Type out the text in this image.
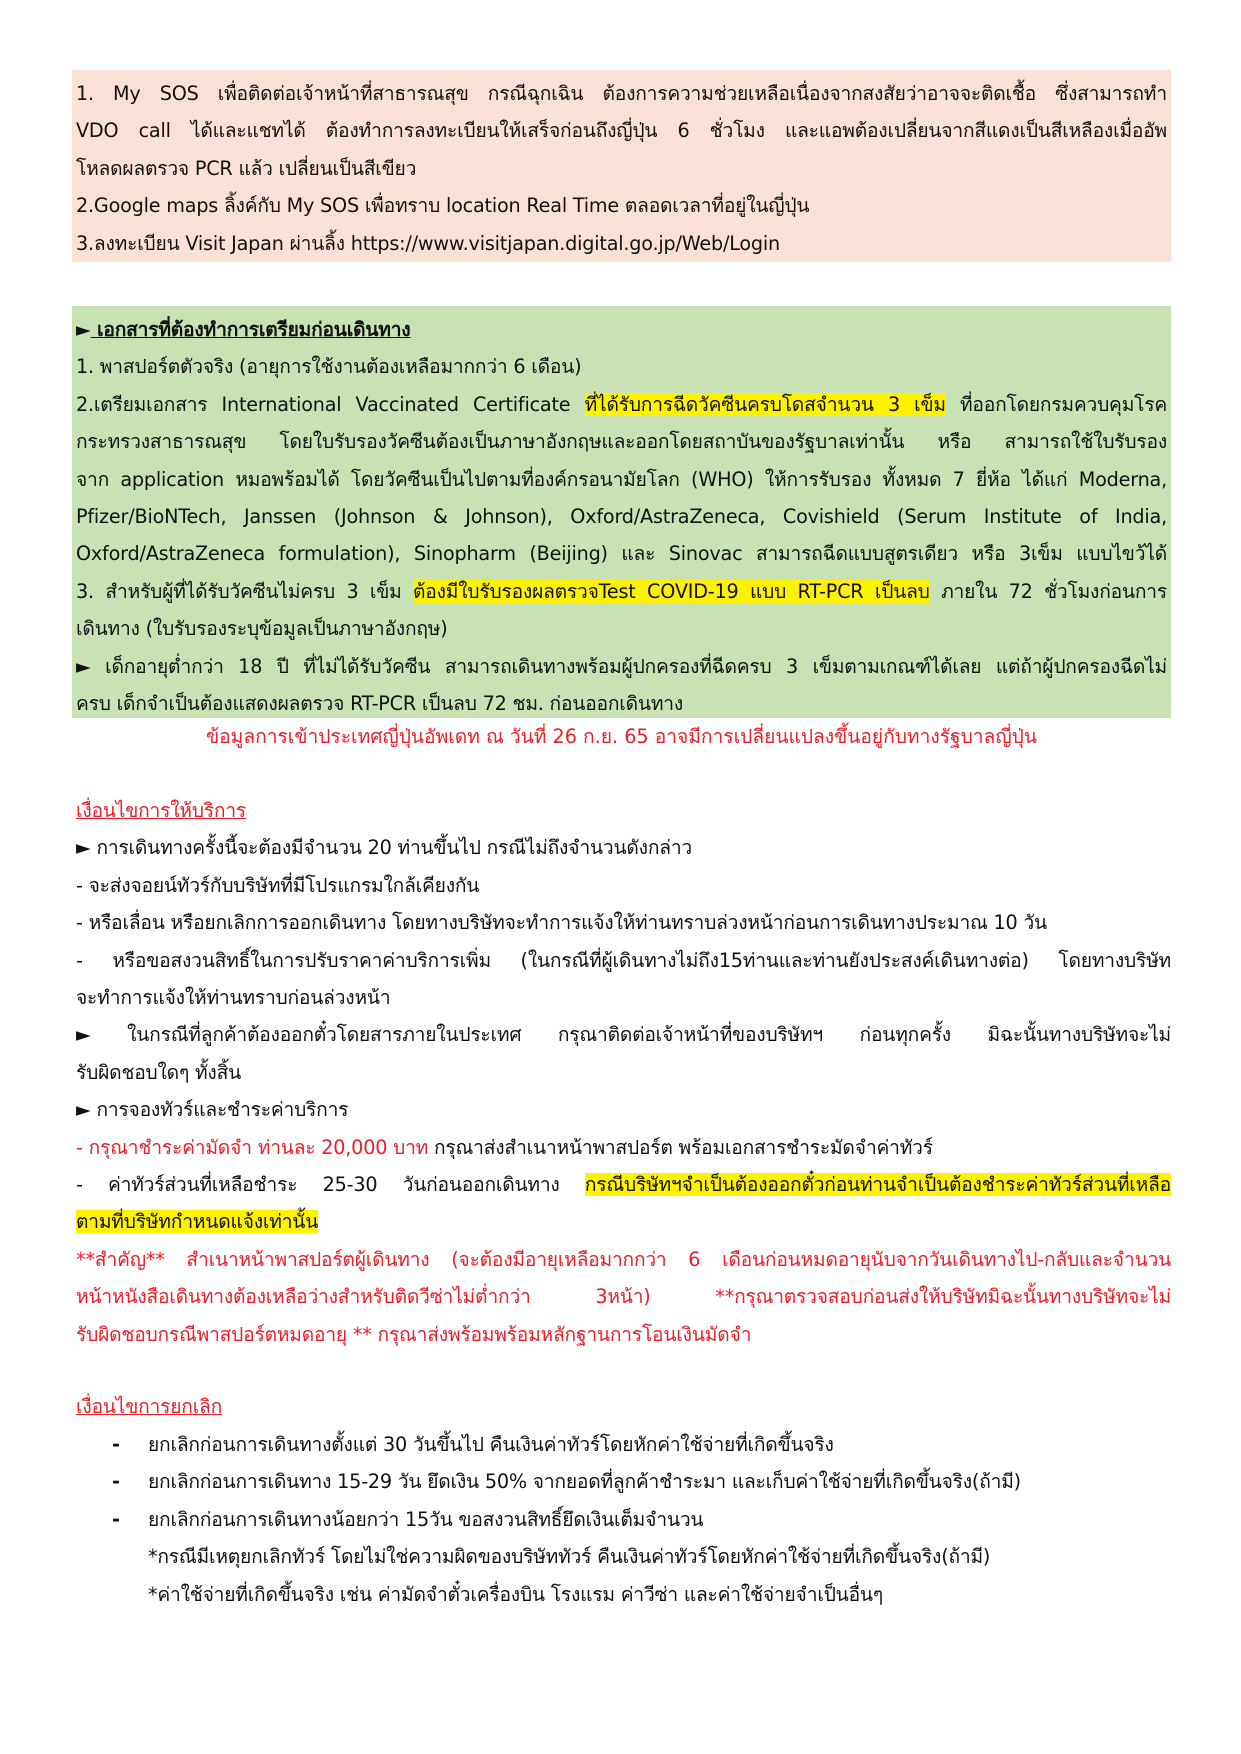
1. My SOS เพื่อติดต่อเจ้าหน้าที่สาธารณสุข กรณีฉุกเฉิน ต้องการความช่วยเหลือเนื่องจากสงสัยว่าอาจจะติดเชื้อ ซึ่งสามารถทำ
VDO call ได้และแชทได้ ต้องทำการลงทะเบียนให้เสร็จก่อนถึงญี่ปุ่น 6 ชั่วโมง และแอพต้องเปลี่ยนจากสีแดงเป็นสีเหลืองเมื่ออัพ
โหลดผลตรวจ PCR แล้ว เปลี่ยนเป็นสีเขียว
2.Google maps ลิ้งค์กับ My SOS เพื่อทราบ location Real Time ตลอดเวลาที่อยู่ในญี่ปุ่น
3.ลงทะเบียน Visit Japan ผ่านลิ้ง https://www.visitjapan.digital.go.jp/Web/Login
► เอกสารที่ต้องทำการเตรียมก่อนเดินทาง
1. พาสปอร์ตตัวจริง (อายุการใช้งานต้องเหลือมากกว่า 6 เดือน)
2.เตรียมเอกสาร International Vaccinated Certificate ที่ได้รับการฉีดวัคซีนครบโดสจำนวน 3 เข็ม ที่ออกโดยกรมควบคุมโรค
กระทรวงสาธารณสุข โดยใบรับรองวัคซีนต้องเป็นภาษาอังกฤษและออกโดยสถาบันของรัฐบาลเท่านั้น หรือ สามารถใช้ใบรับรอง
จาก application หมอพร้อมได้ โดยวัคซีนเป็นไปตามที่องค์กรอนามัยโลก (WHO) ให้การรับรอง ทั้งหมด 7 ยี่ห้อ ได้แก่ Moderna,
Pfizer/BioNTech, Janssen (Johnson & Johnson), Oxford/AstraZeneca, Covishield (Serum Institute of India,
Oxford/AstraZeneca formulation), Sinopharm (Beijing) และ Sinovac สามารถฉีดแบบสูตรเดียว หรือ 3เข็ม แบบไขว้ได้
3. สำหรับผู้ที่ได้รับวัคซีนไม่ครบ 3 เข็ม ต้องมีใบรับรองผลตรวจTest COVID-19 แบบ RT-PCR เป็นลบ ภายใน 72 ชั่วโมงก่อนการ
เดินทาง (ใบรับรองระบุข้อมูลเป็นภาษาอังกฤษ)
► เด็กอายุต่ำกว่า 18 ปี ที่ไม่ได้รับวัคซีน สามารถเดินทางพร้อมผู้ปกครองที่ฉีดครบ 3 เข็มตามเกณฑ์ได้เลย แต่ถ้าผู้ปกครองฉีดไม่
ครบ เด็กจำเป็นต้องแสดงผลตรวจ RT-PCR เป็นลบ 72 ชม. ก่อนออกเดินทาง
ข้อมูลการเข้าประเทศญี่ปุ่นอัพเดท ณ วันที่ 26 ก.ย. 65 อาจมีการเปลี่ยนแปลงขึ้นอยู่กับทางรัฐบาลญี่ปุ่น
เงื่อนไขการให้บริการ
► การเดินทางครั้งนี้จะต้องมีจำนวน 20 ท่านขึ้นไป กรณีไม่ถึงจำนวนดังกล่าว
- จะส่งจอยน์ทัวร์กับบริษัทที่มีโปรแกรมใกล้เคียงกัน
- หรือเลื่อน หรือยกเลิกการออกเดินทาง โดยทางบริษัทจะทำการแจ้งให้ท่านทราบล่วงหน้าก่อนการเดินทางประมาณ 10 วัน
- หรือขอสงวนสิทธิ์ในการปรับราคาค่าบริการเพิ่ม (ในกรณีที่ผู้เดินทางไม่ถึง15ท่านและท่านยังประสงค์เดินทางต่อ) โดยทางบริษัท
จะทำการแจ้งให้ท่านทราบก่อนล่วงหน้า
► ในกรณีที่ลูกค้าต้องออกตั๋วโดยสารภายในประเทศ กรุณาติดต่อเจ้าหน้าที่ของบริษัทฯ ก่อนทุกครั้ง มิฉะนั้นทางบริษัทจะไม่
รับผิดชอบใดๆ ทั้งสิ้น
► การจองทัวร์และชำระค่าบริการ
- กรุณาชำระค่ามัดจำ ท่านละ 20,000 บาท กรุณาส่งสำเนาหน้าพาสปอร์ต พร้อมเอกสารชำระมัดจำค่าทัวร์
- ค่าทัวร์ส่วนที่เหลือชำระ 25-30 วันก่อนออกเดินทาง กรณีบริษัทฯจำเป็นต้องออกตั๋วก่อนท่านจำเป็นต้องชำระค่าทัวร์ส่วนที่เหลือ
ตามที่บริษัทกำหนดแจ้งเท่านั้น
**สำคัญ** สำเนาหน้าพาสปอร์ตผู้เดินทาง (จะต้องมีอายุเหลือมากกว่า 6 เดือนก่อนหมดอายุนับจากวันเดินทางไป-กลับและจำนวน
หน้าหนังสือเดินทางต้องเหลือว่างสำหรับติดวีซ่าไม่ต่ำกว่า 3หน้า) **กรุณาตรวจสอบก่อนส่งให้บริษัทมิฉะนั้นทางบริษัทจะไม่
รับผิดชอบกรณีพาสปอร์ตหมดอายุ ** กรุณาส่งพร้อมพร้อมหลักฐานการโอนเงินมัดจำ
เงื่อนไขการยกเลิก
-	ยกเลิกก่อนการเดินทางตั้งแต่ 30 วันขึ้นไป คืนเงินค่าทัวร์โดยหักค่าใช้จ่ายที่เกิดขึ้นจริง
-	ยกเลิกก่อนการเดินทาง 15-29 วัน ยึดเงิน 50% จากยอดที่ลูกค้าชำระมา และเก็บค่าใช้จ่ายที่เกิดขึ้นจริง(ถ้ามี)
-	ยกเลิกก่อนการเดินทางน้อยกว่า 15วัน ขอสงวนสิทธิ์ยึดเงินเต็มจำนวน
*กรณีมีเหตุยกเลิกทัวร์ โดยไม่ใช่ความผิดของบริษัททัวร์ คืนเงินค่าทัวร์โดยหักค่าใช้จ่ายที่เกิดขึ้นจริง(ถ้ามี)
*ค่าใช้จ่ายที่เกิดขึ้นจริง เช่น ค่ามัดจำตั๋วเครื่องบิน โรงแรม ค่าวีซ่า และค่าใช้จ่ายจำเป็นอื่นๆ
